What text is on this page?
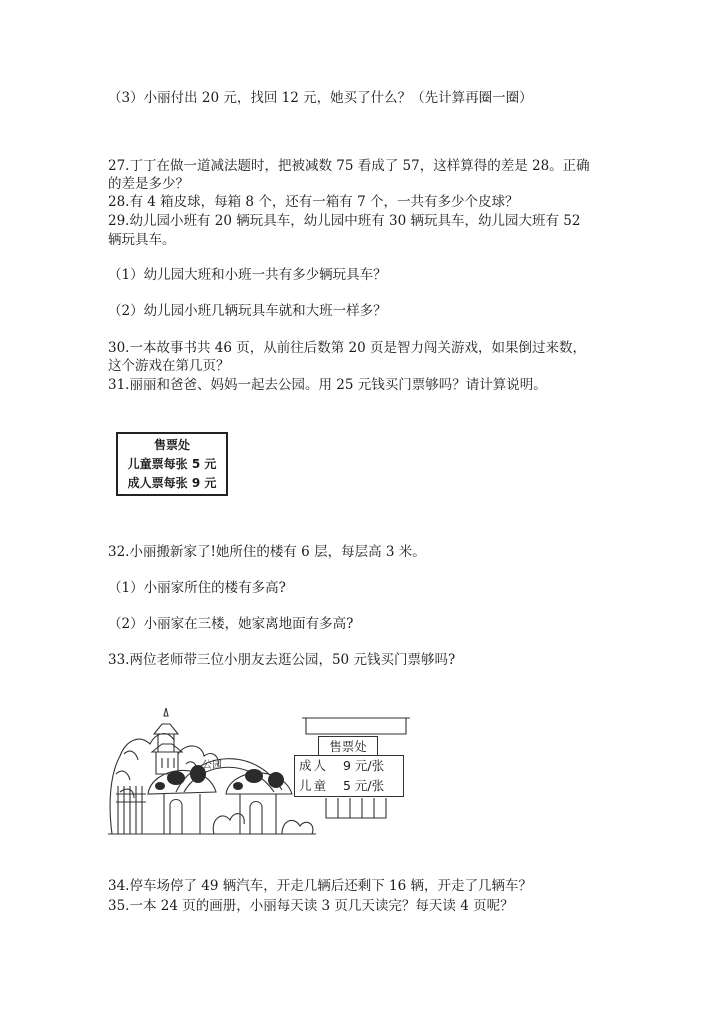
（3）小丽付出 20 元，找回 12 元，她买了什么？（先计算再圈一圈）
27.丁丁在做一道减法题时，把被减数 75 看成了 57，这样算得的差是 28。正确
的差是多少？
28.有 4 箱皮球，每箱 8 个，还有一箱有 7 个，一共有多少个皮球？
29.幼儿园小班有 20 辆玩具车，幼儿园中班有 30 辆玩具车，幼儿园大班有 52
辆玩具车。
（1）幼儿园大班和小班一共有多少辆玩具车？
（2）幼儿园小班几辆玩具车就和大班一样多？
30.一本故事书共 46 页，从前往后数第 20 页是智力闯关游戏，如果倒过来数，
这个游戏在第几页？
31.丽丽和爸爸、妈妈一起去公园。用 25 元钱买门票够吗？请计算说明。
售票处
儿童票每张 5 元
成人票每张 9 元
32.小丽搬新家了!她所住的楼有 6 层，每层高 3 米。
（1）小丽家所住的楼有多高?
（2）小丽家在三楼，她家离地面有多高?
33.两位老师带三位小朋友去逛公园，50 元钱买门票够吗?
公园
售票处
成人	9 元/张
儿童	5 元/张
34.停车场停了 49 辆汽车，开走几辆后还剩下 16 辆，开走了几辆车？
35.一本 24 页的画册，小丽每天读 3 页几天读完？每天读 4 页呢？
